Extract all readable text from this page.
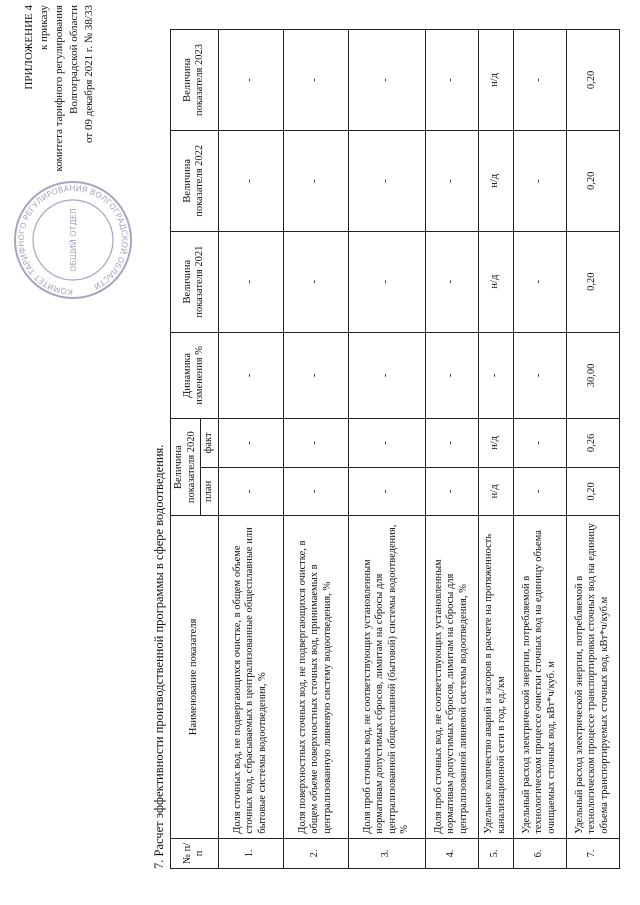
КОМИТЕТ ТАРИФНОГО РЕГУЛИРОВАНИЯ ВОЛГОГРАДСКОЙ ОБЛАСТИ
ОБЩИЙ ОТДЕЛ
ПРИЛОЖЕНИЕ 4 к приказу комитета тарифного регулирования Волгоградской области от 09 декабря 2021 г. № 38/33
7. Расчет эффективности производственной программы в сфере водоотведения. № п/п	Наименование показателя	Величина показателя 2020		Динамика изменения %	Величина показателя 2021	Величина показателя 2022	Величина показателя 2023
		план	факт				
1.	Доля сточных вод, не подвергающихся очистке, в общем объеме сточных вод, сбрасываемых в централизованные общесплавные или бытовые системы водоотведения, %	-	-	-	-	-	-
2.	Доля поверхностных сточных вод, не подвергающихся очистке, в общем объеме поверхностных сточных вод, принимаемых в централизованную ливневую систему водоотведения, %	-	-	-	-	-	-
3.	Доля проб сточных вод, не соответствующих установленным нормативам допустимых сбросов, лимитам на сбросы для централизованной общесплавной (бытовой) системы водоотведения, %	-	-	-	-	-	-
4.	Доля проб сточных вод, не соответствующих установленным нормативам допустимых сбросов, лимитам на сбросы для централизованной ливневой системы водоотведения, %	-	-	-	-	-	-
5.	Удельное количество аварий и засоров в расчете на протяженность канализационной сети в год, ед./км	н/д	н/д	-	н/д	н/д	н/д
6.	Удельный расход электрической энергии, потребляемой в технологическом процессе очистки сточных вод на единицу объема очищаемых сточных вод, кВт*ч/куб. м	-	-	-	-	-	-
7.	Удельный расход электрической энергии, потребляемой в технологическом процессе транспортировки сточных вод на единицу объема транспортируемых сточных вод, кВт*ч/куб.м	0,20	0,26	30,00	0,20	0,20	0,20
